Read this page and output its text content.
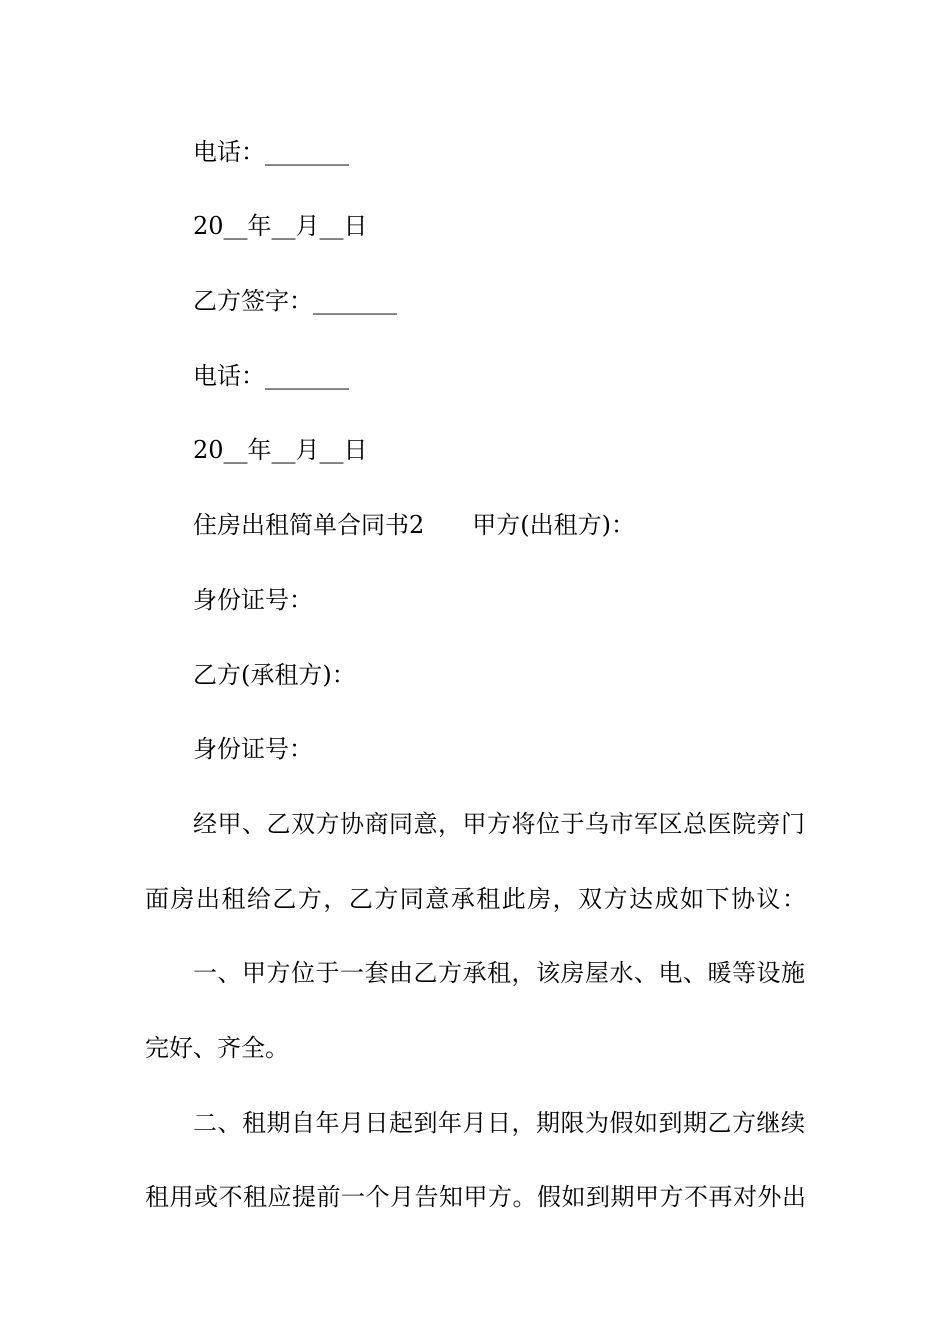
电话：_______

20__年__月__日

乙方签字：_______

电话：_______

20__年__月__日

住房出租简单合同书2 甲方(出租方)：

身份证号：

乙方(承租方)：

身份证号：

经甲、乙双方协商同意，甲方将位于乌市军区总医院旁门

面房出租给乙方，乙方同意承租此房，双方达成如下协议：

一、甲方位于一套由乙方承租，该房屋水、电、暖等设施

完好、齐全。

二、租期自年月日起到年月日，期限为假如到期乙方继续

租用或不租应提前一个月告知甲方。假如到期甲方不再对外出
